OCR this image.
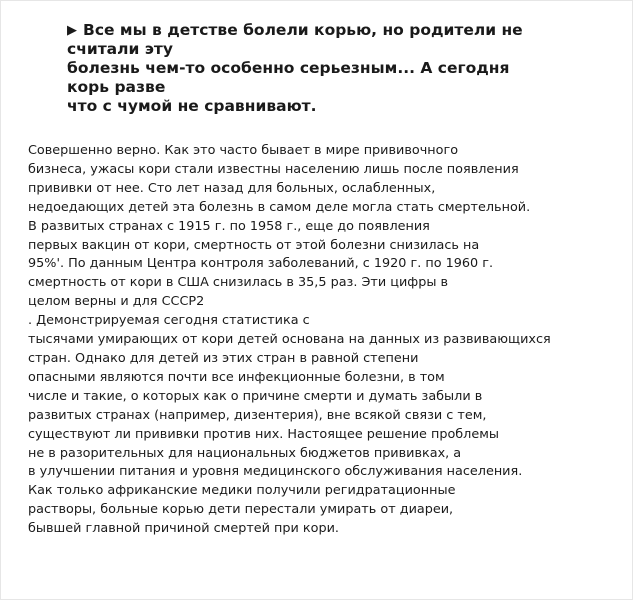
▶ Все мы в детстве болели корью, но родители не
считали эту
болезнь чем-то особенно серьезным... А сегодня
корь разве
что с чумой не сравнивают.
Совершенно верно. Как это часто бывает в мире прививочного
бизнеса, ужасы кори стали известны населению лишь после появления
прививки от нее. Сто лет назад для больных, ослабленных,
недоедающих детей эта болезнь в самом деле могла стать смертельной.
В развитых странах с 1915 г. по 1958 г., еще до появления
первых вакцин от кори, смертность от этой болезни снизилась на
95%'. По данным Центра контроля заболеваний, с 1920 г. по 1960 г.
смертность от кори в США снизилась в 35,5 раз. Эти цифры в
целом верны и для СССР2
. Демонстрируемая сегодня статистика с
тысячами умирающих от кори детей основана на данных из развивающихся
стран. Однако для детей из этих стран в равной степени
опасными являются почти все инфекционные болезни, в том
числе и такие, о которых как о причине смерти и думать забыли в
развитых странах (например, дизентерия), вне всякой связи с тем,
существуют ли прививки против них. Настоящее решение проблемы
не в разорительных для национальных бюджетов прививках, а
в улучшении питания и уровня медицинского обслуживания населения.
Как только африканские медики получили регидратационные
растворы, больные корью дети перестали умирать от диареи,
бывшей главной причиной смертей при кори.
